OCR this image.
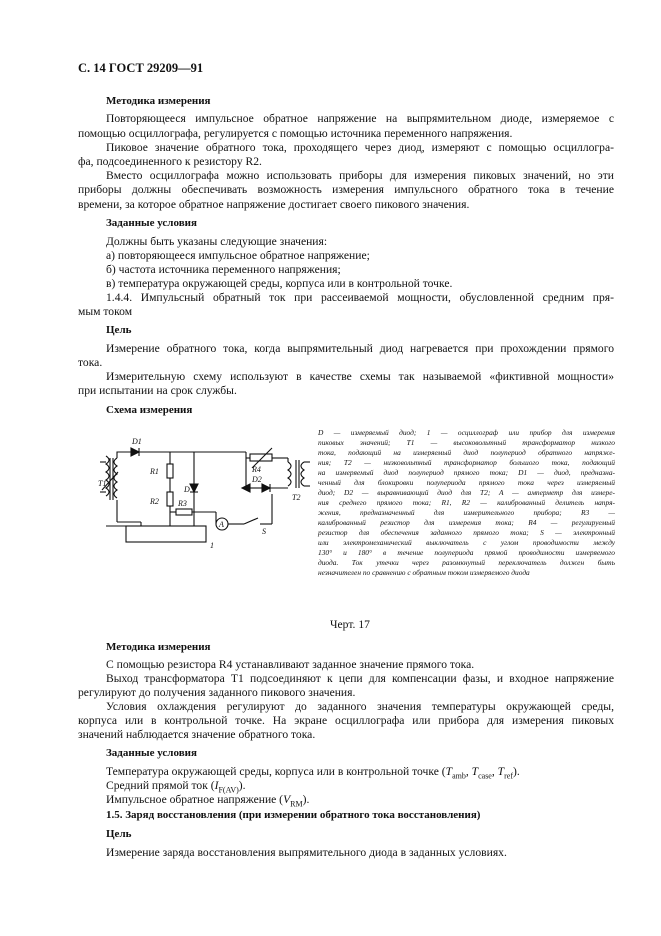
С. 14 ГОСТ 29209—91
Методика измерения
Повторяющееся импульсное обратное напряжение на выпрямительном диоде, измеряемое с
помощью осциллографа, регулируется с помощью источника переменного напряжения.
Пиковое значение обратного тока, проходящего через диод, измеряют с помощью осциллогра-
фа, подсоединенного к резистору R2.
Вместо осциллографа можно использовать приборы для измерения пиковых значений, но эти
приборы должны обеспечивать возможность измерения импульсного обратного тока в течение
времени, за которое обратное напряжение достигает своего пикового значения.
Заданные условия
Должны быть указаны следующие значения:
а) повторяющееся импульсное обратное напряжение;
б) частота источника переменного напряжения;
в) температура окружающей среды, корпуса или в контрольной точке.
1.4.4. Импульсный обратный ток при рассеиваемой мощности, обусловленной средним пря-
мым током
Цель
Измерение обратного тока, когда выпрямительный диод нагревается при прохождении прямого
тока.
Измерительную схему используют в качестве схемы так называемой «фиктивной мощности»
при испытании на срок службы.
Схема измерения
D1
T1
R1
R2 R3
D
R4
D2
T2
A
S
1
D — измеряемый диод; 1 — осциллограф или прибор для измерения
пиковых значений; T1 — высоковольтный трансформатор низкого
тока, подающий на измеряемый диод полупериод обратного напряже-
ния; T2 — низковольтный трансформатор большого тока, подающий
на измеряемый диод полупериод прямого тока; D1 — диод, предназна-
ченный для блокировки полупериода прямого тока через измеряемый
диод; D2 — выравнивающий диод для T2; A — амперметр для измере-
ния среднего прямого тока; R1, R2 — калиброванный делитель напря-
жения, предназначенный для измерительного прибора; R3 —
калиброванный резистор для измерения тока; R4 — регулируемый
резистор для обеспечения заданного прямого тока; S — электронный
или электромеханический выключатель с углом проводимости между
130° и 180° в течение полупериода прямой проводимости измеряемого
диода. Ток утечки через разомкнутый переключатель должен быть
незначителен по сравнению с обратным током измеряемого диода
Черт. 17
Методика измерения
С помощью резистора R4 устанавливают заданное значение прямого тока.
Выход трансформатора T1 подсоединяют к цепи для компенсации фазы, и входное напряжение
регулируют до получения заданного пикового значения.
Условия охлаждения регулируют до заданного значения температуры окружающей среды,
корпуса или в контрольной точке. На экране осциллографа или прибора для измерения пиковых
значений наблюдается значение обратного тока.
Заданные условия
Температура окружающей среды, корпуса или в контрольной точке ($T_{amb}$, $T_{case}$, $T_{ref}$).
Средний прямой ток $(I_{F(AV)})$.
Импульсное обратное напряжение $(V_{RM})$.
1.5. Заряд восстановления (при измерении обратного тока восстановления)
Цель
Измерение заряда восстановления выпрямительного диода в заданных условиях.
